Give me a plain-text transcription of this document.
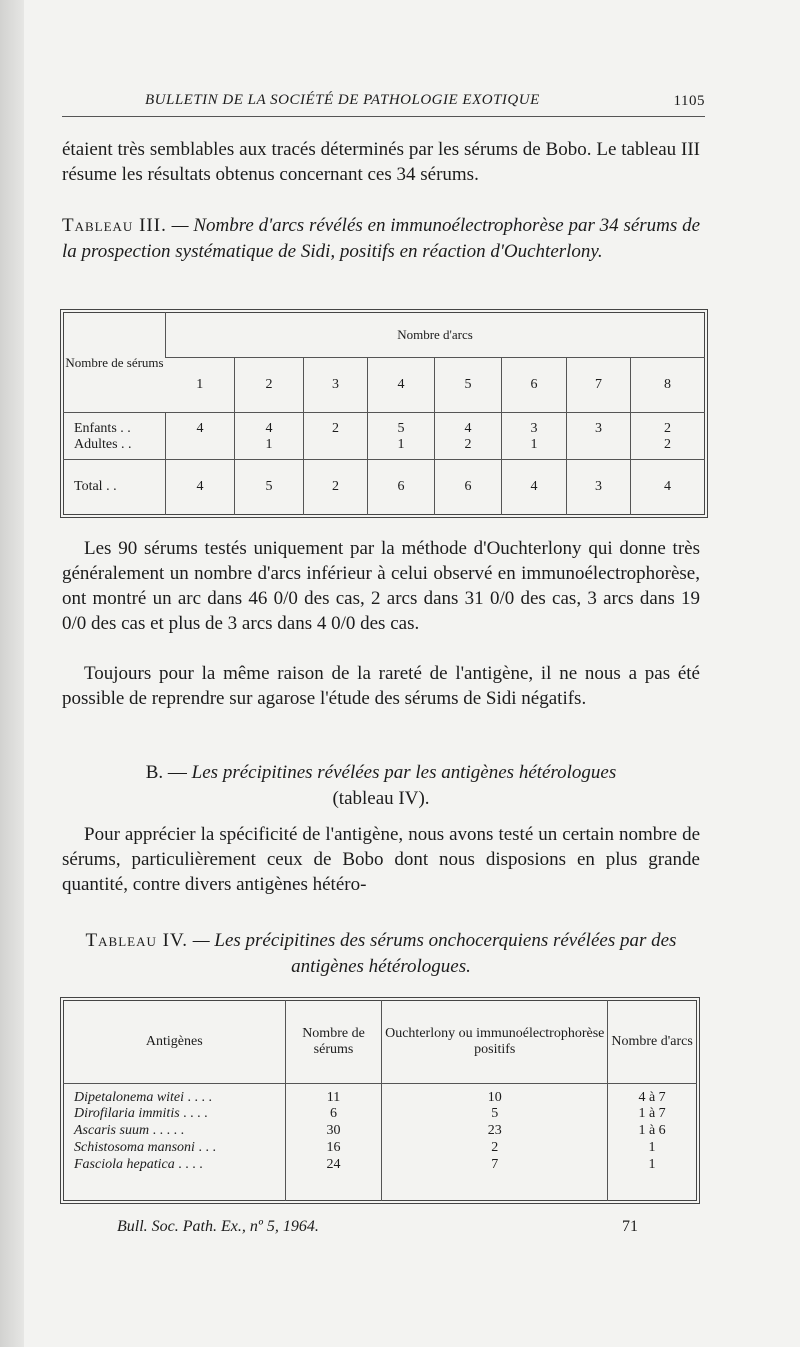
BULLETIN DE LA SOCIÉTÉ DE PATHOLOGIE EXOTIQUE	1105
étaient très semblables aux tracés déterminés par les sérums de Bobo. Le tableau III résume les résultats obtenus concernant ces 34 sérums.
Tableau III. — Nombre d'arcs révélés en immunoélectrophorèse par 34 sérums de la prospection systématique de Sidi, positifs en réaction d'Ouchterlony.
Nombre de sérums	Nombre d'arcs							
	1	2	3	4	5	6	7	8
Enfants . .	4	4	2	5	4	3	3	2
Adultes . .		1		1	2	1		2
Total . .	4	5	2	6	6	4	3	4
Les 90 sérums testés uniquement par la méthode d'Ouchterlony qui donne très généralement un nombre d'arcs inférieur à celui observé en immunoélectrophorèse, ont montré un arc dans 46 0/0 des cas, 2 arcs dans 31 0/0 des cas, 3 arcs dans 19 0/0 des cas et plus de 3 arcs dans 4 0/0 des cas.
Toujours pour la même raison de la rareté de l'antigène, il ne nous a pas été possible de reprendre sur agarose l'étude des sérums de Sidi négatifs.
B. — Les précipitines révélées par les antigènes hétérologues
(tableau IV).
Pour apprécier la spécificité de l'antigène, nous avons testé un certain nombre de sérums, particulièrement ceux de Bobo dont nous disposions en plus grande quantité, contre divers antigènes hétéro-
Tableau IV. — Les précipitines des sérums onchocerquiens révélées par des antigènes hétérologues.
Antigènes	Nombre de sérums	Ouchterlony ou immunoélectrophorèse positifs	Nombre d'arcs
Dipetalonema witei . . . .	11	10	4 à 7
Dirofilaria immitis . . . .	6	5	1 à 7
Ascaris suum . . . . .	30	23	1 à 6
Schistosoma mansoni . . .	16	2	1
Fasciola hepatica . . . .	24	7	1
Bull. Soc. Path. Ex., nº 5, 1964.	71
